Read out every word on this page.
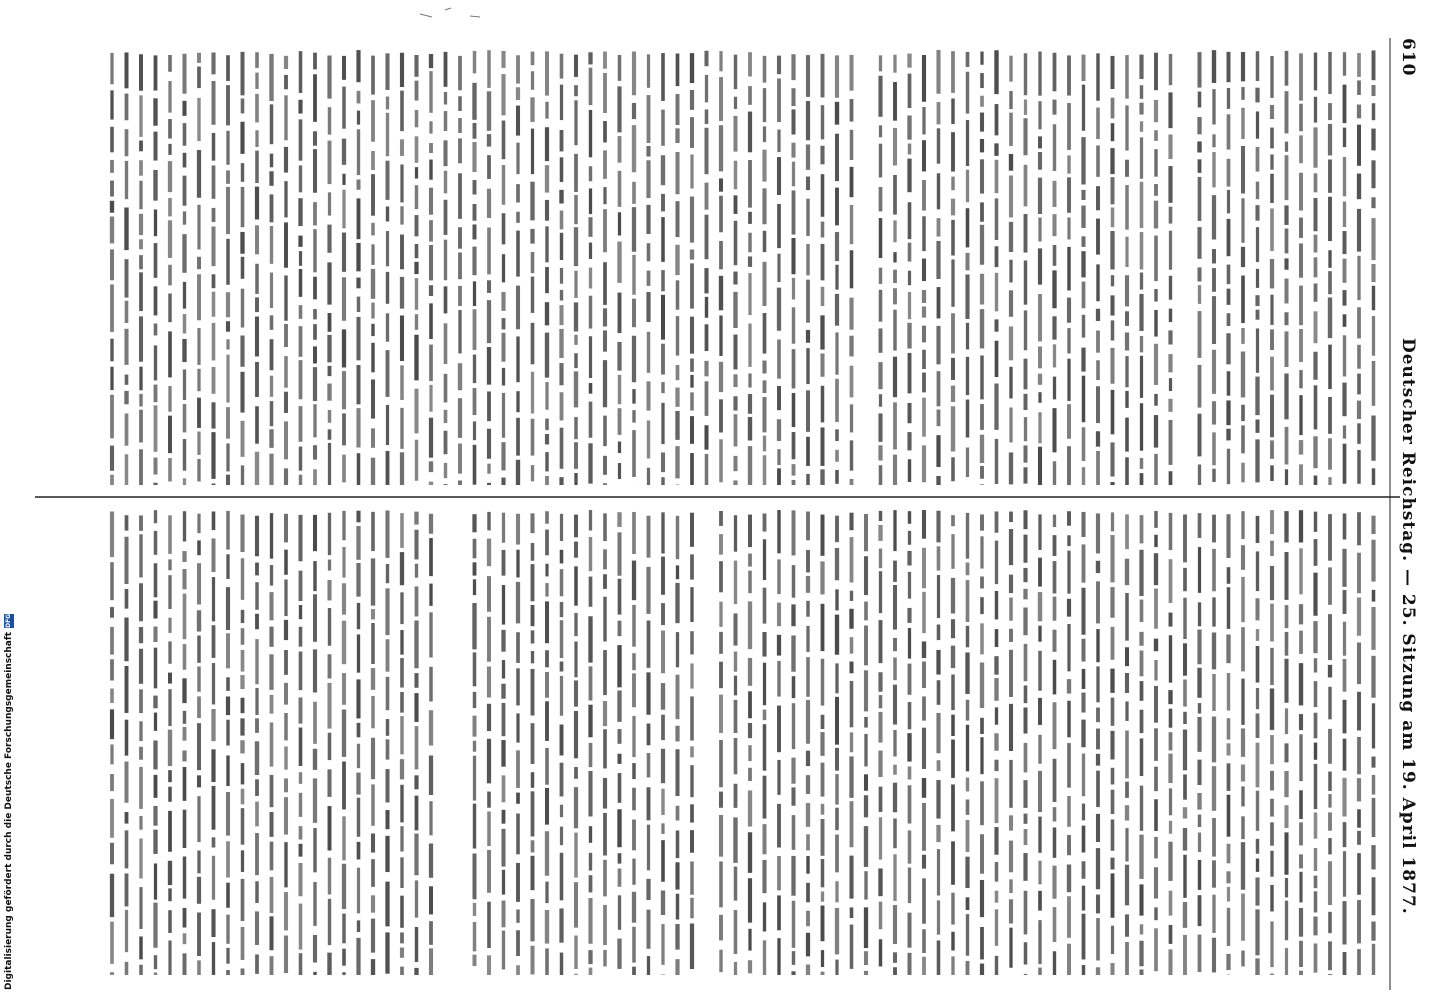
610
Deutscher Reichstag. — 25. Sitzung am 19. April 1877.
Digitalisierung gefördert durch die Deutsche Forschungsgemeinschaft
DFG
